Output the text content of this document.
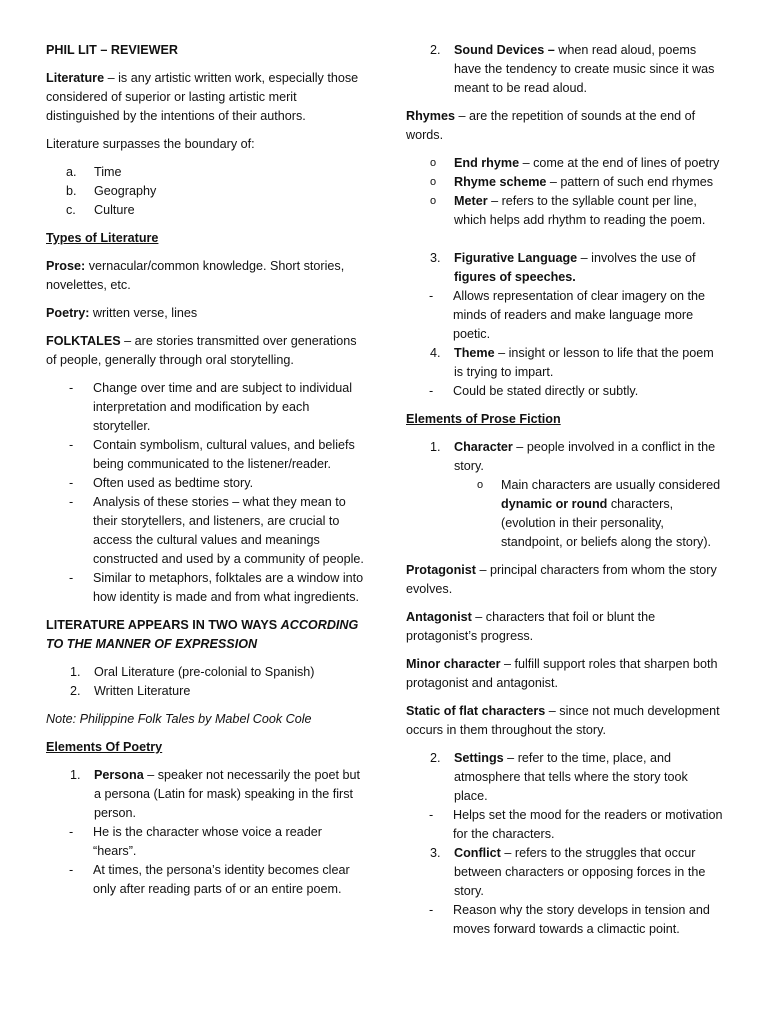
PHIL LIT – REVIEWER

Literature – is any artistic written work, especially those considered of superior or lasting artistic merit distinguished by the intentions of their authors.

Literature surpasses the boundary of:

a.	Time
b.	Geography
c.	Culture

Types of Literature

Prose: vernacular/common knowledge. Short stories, novelettes, etc.

Poetry: written verse, lines

FOLKTALES – are stories transmitted over generations of people, generally through oral storytelling.

-	Change over time and are subject to individual interpretation and modification by each storyteller.
-	Contain symbolism, cultural values, and beliefs being communicated to the listener/reader.
-	Often used as bedtime story.
-	Analysis of these stories – what they mean to their storytellers, and listeners, are crucial to access the cultural values and meanings constructed and used by a community of people.
-	Similar to metaphors, folktales are a window into how identity is made and from what ingredients.

LITERATURE APPEARS IN TWO WAYS ACCORDING TO THE MANNER OF EXPRESSION

1.	Oral Literature (pre-colonial to Spanish)
2.	Written Literature

Note: Philippine Folk Tales by Mabel Cook Cole

Elements Of Poetry

1.	Persona – speaker not necessarily the poet but a persona (Latin for mask) speaking in the first person.
-	He is the character whose voice a reader “hears”.
-	At times, the persona’s identity becomes clear only after reading parts of or an entire poem.
2.	Sound Devices – when read aloud, poems have the tendency to create music since it was meant to be read aloud.

Rhymes – are the repetition of sounds at the end of words.

o	End rhyme – come at the end of lines of poetry
o	Rhyme scheme – pattern of such end rhymes
o	Meter – refers to the syllable count per line, which helps add rhythm to reading the poem.
3.	Figurative Language – involves the use of figures of speeches.
-	Allows representation of clear imagery on the minds of readers and make language more poetic.
4.	Theme – insight or lesson to life that the poem is trying to impart.
-	Could be stated directly or subtly.

Elements of Prose Fiction

1.	Character – people involved in a conflict in the story.
o	Main characters are usually considered dynamic or round characters, (evolution in their personality, standpoint, or beliefs along the story).

Protagonist – principal characters from whom the story evolves.

Antagonist – characters that foil or blunt the protagonist’s progress.

Minor character – fulfill support roles that sharpen both protagonist and antagonist.

Static of flat characters – since not much development occurs in them throughout the story.

2.	Settings – refer to the time, place, and atmosphere that tells where the story took place.
-	Helps set the mood for the readers or motivation for the characters.
3.	Conflict – refers to the struggles that occur between characters or opposing forces in the story.
-	Reason why the story develops in tension and moves forward towards a climactic point.
